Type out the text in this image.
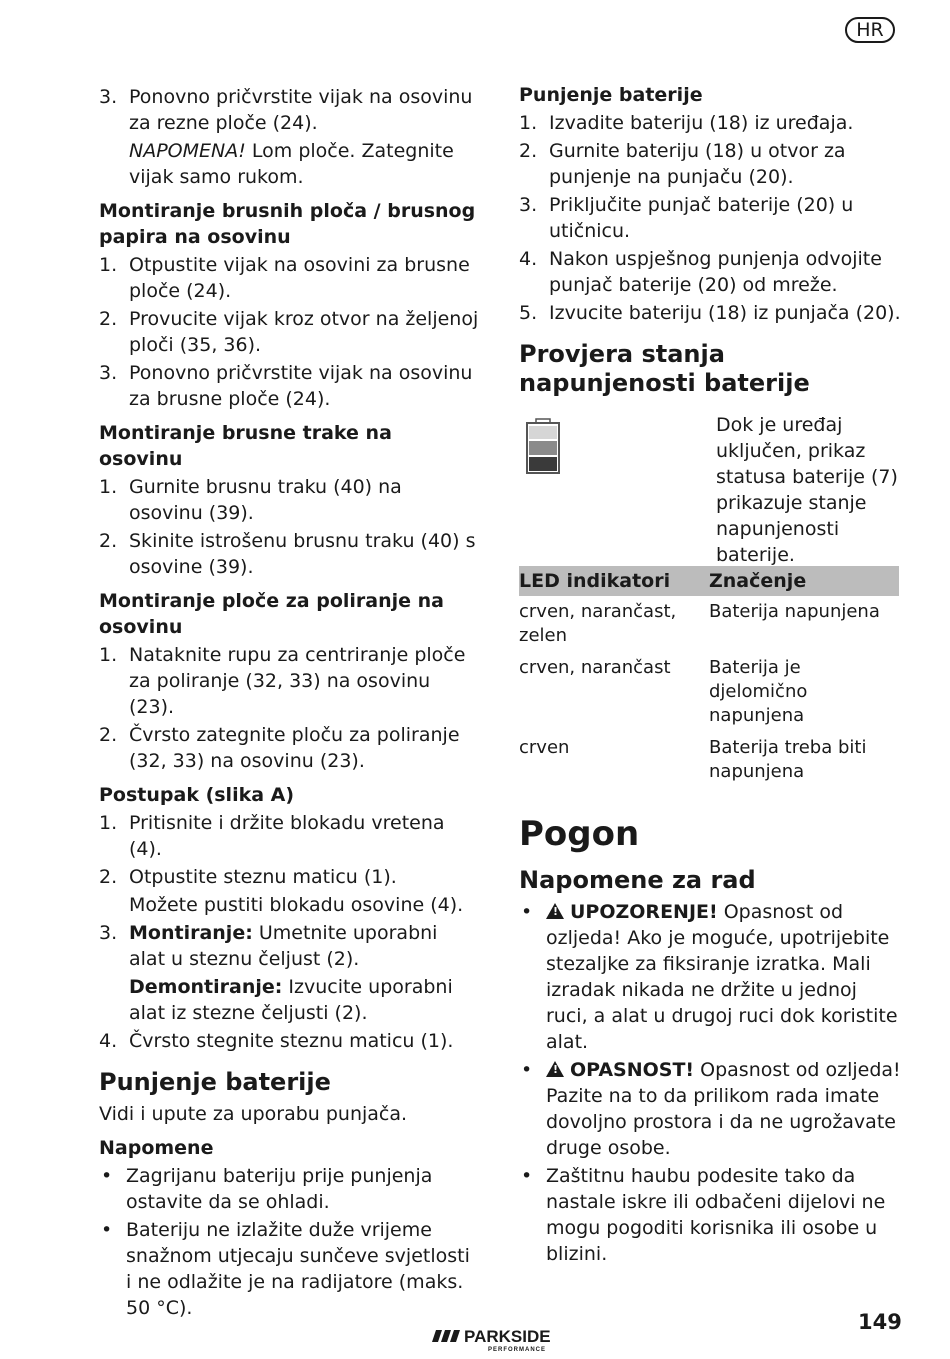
HR
3. Ponovno pričvrstite vijak na osovinu za rezne ploče (24).
NAPOMENA! Lom ploče. Zategnite vijak samo rukom.
Montiranje brusnih ploča / brusnog papira na osovinu
1. Otpustite vijak na osovini za brusne ploče (24).
2. Provucite vijak kroz otvor na željenoj ploči (35, 36).
3. Ponovno pričvrstite vijak na osovinu za brusne ploče (24).
Montiranje brusne trake na osovinu
1. Gurnite brusnu traku (40) na osovinu (39).
2. Skinite istrošenu brusnu traku (40) s osovine (39).
Montiranje ploče za poliranje na osovinu
1. Nataknite rupu za centriranje ploče za poliranje (32, 33) na osovinu (23).
2. Čvrsto zategnite ploču za poliranje (32, 33) na osovinu (23).
Postupak (slika A)
1. Pritisnite i držite blokadu vretena (4).
2. Otpustite steznu maticu (1).
Možete pustiti blokadu osovine (4).
3. Montiranje: Umetnite uporabni alat u steznu čeljust (2).
Demontiranje: Izvucite uporabni alat iz stezne čeljusti (2).
4. Čvrsto stegnite steznu maticu (1).
Punjenje baterije

Vidi i upute za uporabu punjača.

Napomene
• Zagrijanu bateriju prije punjenja ostavite da se ohladi.
• Bateriju ne izlažite duže vrijeme snažnom utjecaju sunčeve svjetlosti i ne odlažite je na radijatore (maks. 50 °C).
Punjenje baterije
1. Izvadite bateriju (18) iz uređaja.
2. Gurnite bateriju (18) u otvor za punjenje na punjaču (20).
3. Priključite punjač baterije (20) u utičnicu.
4. Nakon uspješnog punjenja odvojite punjač baterije (20) od mreže.
5. Izvucite bateriju (18) iz punjača (20).
Provjera stanja napunjenosti baterije
Dok je uređaj uključen, prikaz statusa baterije (7) prikazuje stanje napunjenosti baterije.
LED indikatori	Značenje
crven, narančast, zelen	Baterija napunjena
crven, narančast	Baterija je djelomično napunjena
crven	Baterija treba biti napunjena
Pogon
Napomene za rad
• ! UPOZORENJE! Opasnost od ozljeda! Ako je moguće, upotrijebite stezaljke za fiksiranje izratka. Mali izradak nikada ne držite u jednoj ruci, a alat u drugoj ruci dok koristite alat.
• ! OPASNOST! Opasnost od ozljeda! Pazite na to da prilikom rada imate dovoljno prostora i da ne ugrožavate druge osobe.
• Zaštitnu haubu podesite tako da nastale iskre ili odbačeni dijelovi ne mogu pogoditi korisnika ili osobe u blizini.
PARKSIDE
PERFORMANCE
149
